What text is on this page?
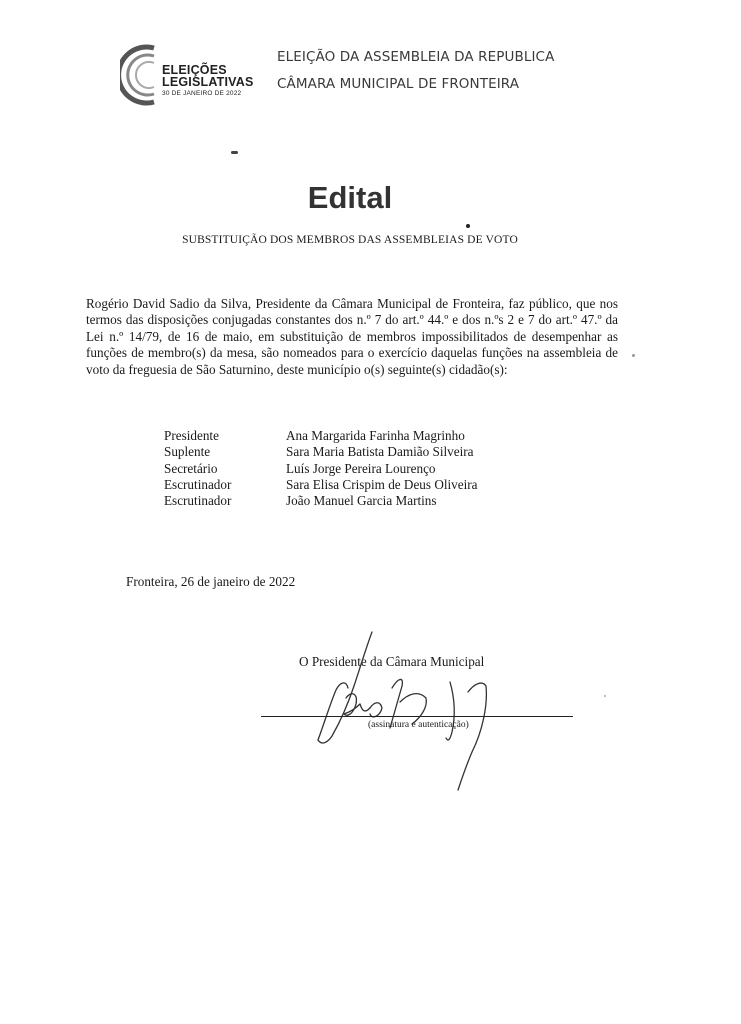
ELEIÇÕES
LEGISLATIVAS
30 DE JANEIRO DE 2022
ELEIÇÃO DA ASSEMBLEIA DA REPUBLICA
CÂMARA MUNICIPAL DE FRONTEIRA
Edital
SUBSTITUIÇÃO DOS MEMBROS DAS ASSEMBLEIAS DE VOTO
Rogério David Sadio da Silva, Presidente da Câmara Municipal de Fronteira, faz público, que nos termos das disposições conjugadas constantes dos n.º 7 do art.º 44.º e dos n.ºs 2 e 7 do art.º 47.º da Lei n.º 14/79, de 16 de maio, em substituição de membros impossibilitados de desempenhar as funções de membro(s) da mesa, são nomeados para o exercício daquelas funções na assembleia de voto da freguesia de São Saturnino, deste município o(s) seguinte(s) cidadão(s):
Presidente	Ana Margarida Farinha Magrinho
Suplente	Sara Maria Batista Damião Silveira
Secretário	Luís Jorge Pereira Lourenço
Escrutinador	Sara Elisa Crispim de Deus Oliveira
Escrutinador	João Manuel Garcia Martins
Fronteira, 26 de janeiro de 2022
O Presidente da Câmara Municipal
(assinatura e autenticação)
